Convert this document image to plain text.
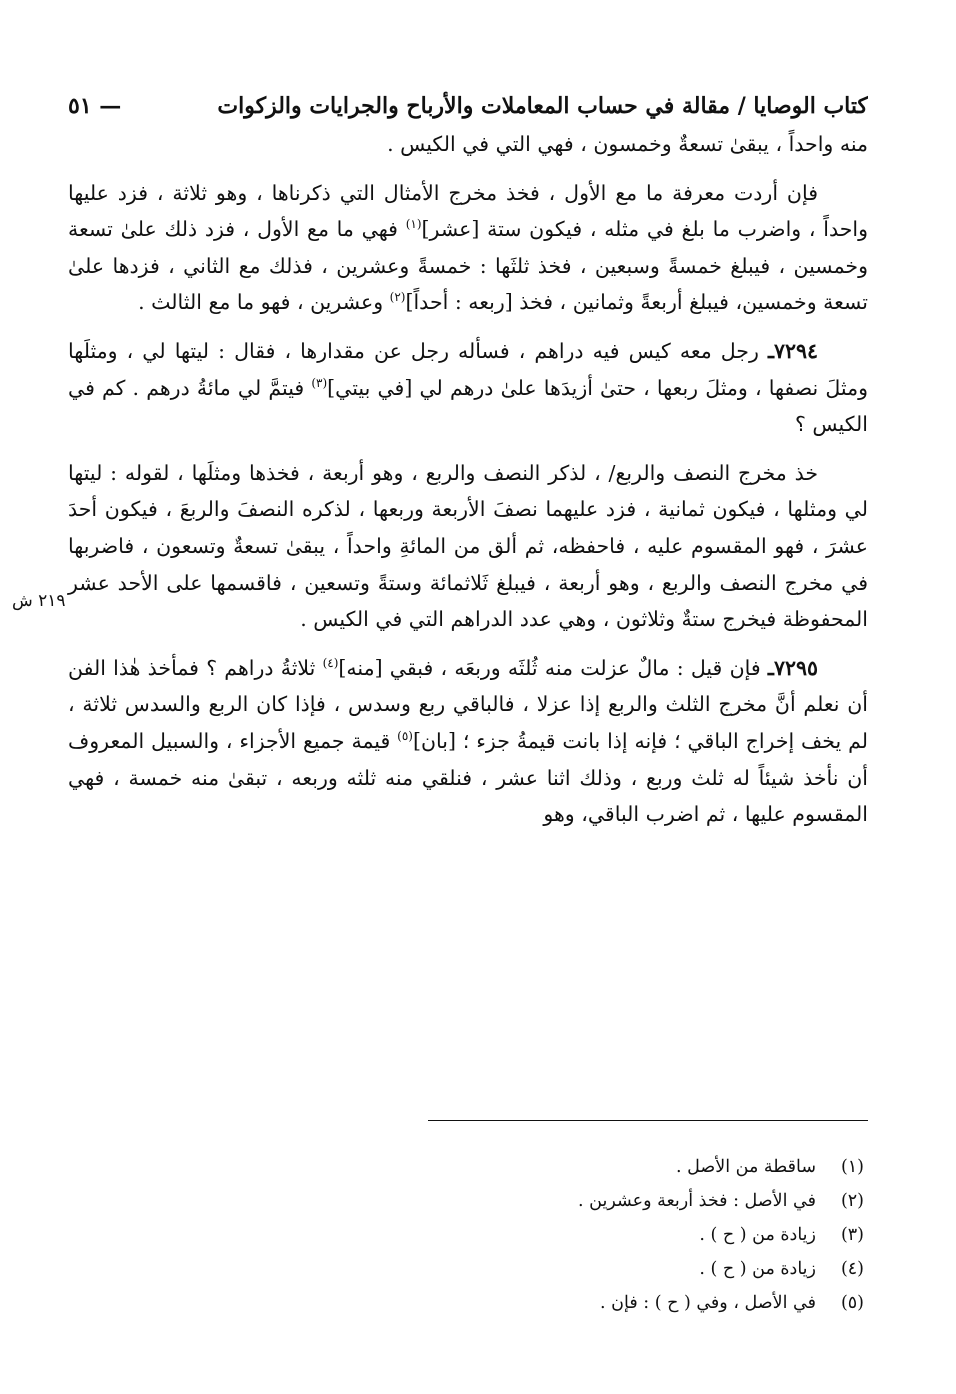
كتاب الوصايا / مقالة في حساب المعاملات والأرباح والجرايات والزكوات
— ٥١

منه واحداً ، يبقىٰ تسعةٌ وخمسون ، فهي التي في الكيس .

فإن أردت معرفة ما مع الأول ، فخذ مخرج الأمثال التي ذكرناها ، وهو ثلاثة ، فزد عليها واحداً ، واضرب ما بلغ في مثله ، فيكون ستة [عشر]$^{(١)}$ فهي ما مع الأول ، فزد ذلك علىٰ تسعة وخمسين ، فيبلغ خمسةً وسبعين ، فخذ ثلثَها : خمسةً وعشرين ، فذلك مع الثاني ، فزدها علىٰ تسعة وخمسين، فيبلغ أربعةً وثمانين ، فخذ [ربعه : أحداً]$^{(٢)}$ وعشرين ، فهو ما مع الثالث .

٧٢٩٤ـ رجل معه كيس فيه دراهم ، فسأله رجل عن مقدارها ، فقال : ليتها لي ، ومثلَها ومثلَ نصفها ، ومثلَ ربعها ، حتىٰ أزيدَها علىٰ درهم لي [في بيتي]$^{(٣)}$ فيتمَّ لي مائةُ درهم . كم في الكيس ؟

خذ مخرج النصف والربع/ ، لذكر النصف والربع ، وهو أربعة ، فخذها ومثلَها ، لقوله : ليتها لي ومثلها ، فيكون ثمانية ، فزد عليهما نصفَ الأربعة وربعها ، لذكره النصفَ والربعَ ، فيكون أحدَ عشرَ ، فهو المقسوم عليه ، فاحفظه، ثم ألق من المائةِ واحداً ، يبقىٰ تسعةٌ وتسعون ، فاضربها في مخرج النصف والربع ، وهو أربعة ، فيبلغ ثَلاثمائة وستةً وتسعين ، فاقسمها على الأحد عشر المحفوظة فيخرج ستةٌ وثلاثون ، وهي عدد الدراهم التي في الكيس .

٧٢٩٥ـ فإن قيل : مالٌ عزلت منه ثُلثَه وربعَه ، فبقي [منه]$^{(٤)}$ ثلاثةُ دراهم ؟ فمأخذ هٰذا الفن أن نعلم أنَّ مخرج الثلث والربع إذا عزلا ، فالباقي ربع وسدس ، فإذا كان الربع والسدس ثلاثة ، لم يخف إخراج الباقي ؛ فإنه إذا بانت قيمةُ جزء ؛ [بان]$^{(٥)}$ قيمة جميع الأجزاء ، والسبيل المعروف أن نأخذ شيئاً له ثلث وربع ، وذلك اثنا عشر ، فنلقي منه ثلثه وربعه ، تبقىٰ منه خمسة ، فهي المقسوم عليها ، ثم اضرب الباقي، وهو

٢١٩ ش
(١)
ساقطة من الأصل .
(٢)
في الأصل : فخذ أربعة وعشرين .
(٣)
زيادة من ( ح ) .
(٤)
زيادة من ( ح ) .
(٥)
في الأصل ، وفي ( ح ) : فإن .
